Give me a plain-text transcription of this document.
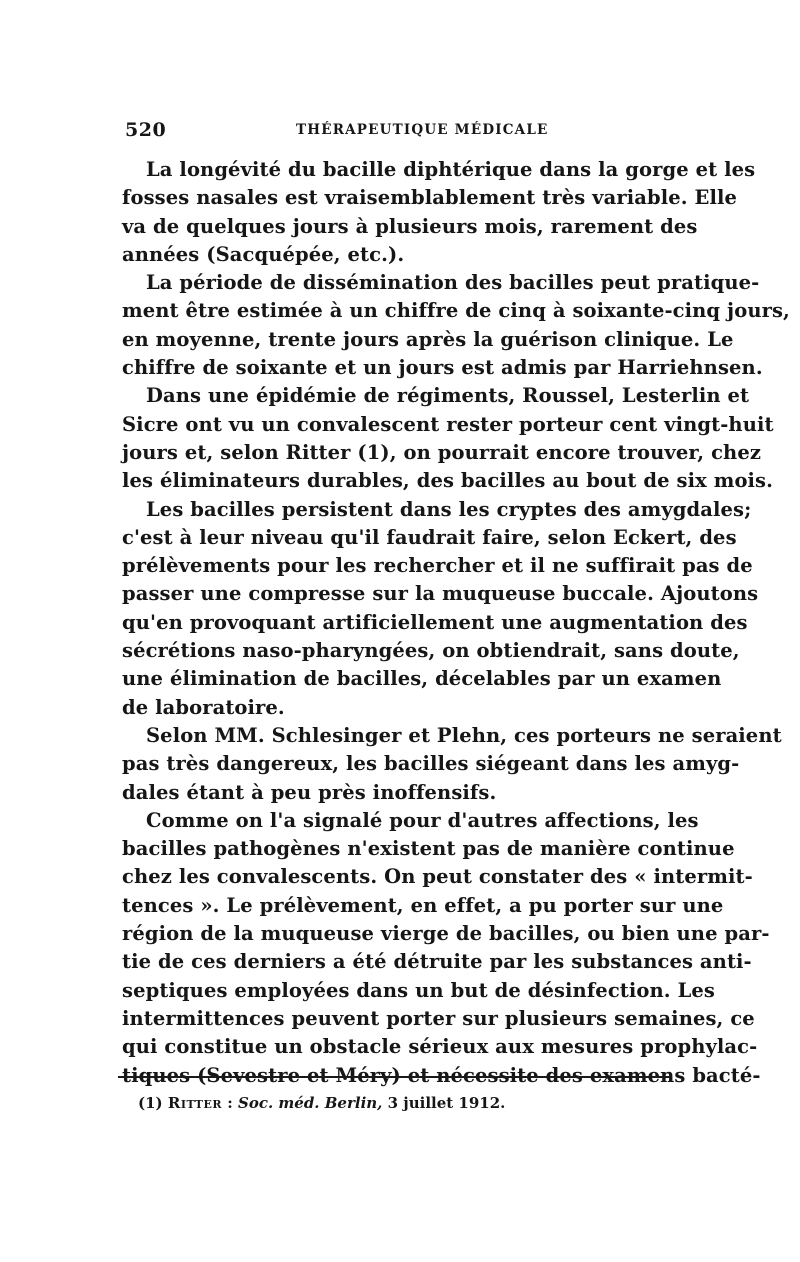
520	THÉRAPEUTIQUE MÉDICALE
La longévité du bacille diphtérique dans la gorge et les
fosses nasales est vraisemblablement très variable. Elle
va de quelques jours à plusieurs mois, rarement des
années (Sacquépée, etc.).
La période de dissémination des bacilles peut pratique-
ment être estimée à un chiffre de cinq à soixante-cinq jours,
en moyenne, trente jours après la guérison clinique. Le
chiffre de soixante et un jours est admis par Harriehnsen.
Dans une épidémie de régiments, Roussel, Lesterlin et
Sicre ont vu un convalescent rester porteur cent vingt-huit
jours et, selon Ritter (1), on pourrait encore trouver, chez
les éliminateurs durables, des bacilles au bout de six mois.
Les bacilles persistent dans les cryptes des amygdales;
c'est à leur niveau qu'il faudrait faire, selon Eckert, des
prélèvements pour les rechercher et il ne suffirait pas de
passer une compresse sur la muqueuse buccale. Ajoutons
qu'en provoquant artificiellement une augmentation des
sécrétions naso-pharyngées, on obtiendrait, sans doute,
une élimination de bacilles, décelables par un examen
de laboratoire.
Selon MM. Schlesinger et Plehn, ces porteurs ne seraient
pas très dangereux, les bacilles siégeant dans les amyg-
dales étant à peu près inoffensifs.
Comme on l'a signalé pour d'autres affections, les
bacilles pathogènes n'existent pas de manière continue
chez les convalescents. On peut constater des « intermit-
tences ». Le prélèvement, en effet, a pu porter sur une
région de la muqueuse vierge de bacilles, ou bien une par-
tie de ces derniers a été détruite par les substances anti-
septiques employées dans un but de désinfection. Les
intermittences peuvent porter sur plusieurs semaines, ce
qui constitue un obstacle sérieux aux mesures prophylac-
tiques (Sevestre et Méry) et nécessite des examens bacté-
(1) Ritter : Soc. méd. Berlin, 3 juillet 1912.
